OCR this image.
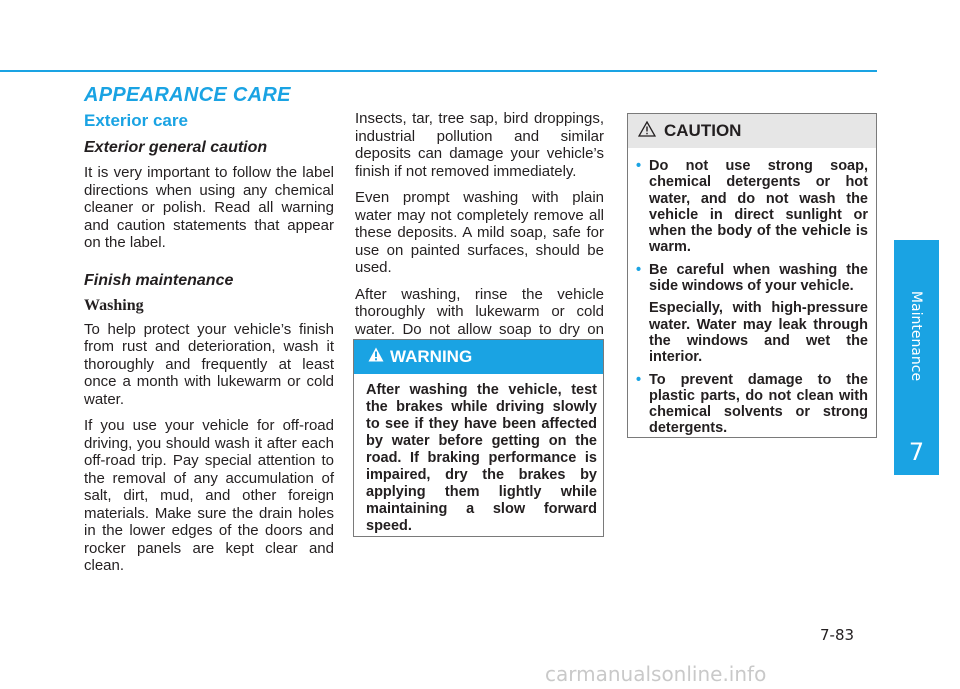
APPEARANCE CARE
Exterior care
Exterior general caution

It is very important to follow the label directions when using any chemical cleaner or polish. Read all warning and caution statements that appear on the label.

Finish maintenance
Washing

To help protect your vehicle’s finish from rust and deterioration, wash it thoroughly and frequently at least once a month with lukewarm or cold water.

If you use your vehicle for off-road driving, you should wash it after each off-road trip. Pay special attention to the removal of any accumulation of salt, dirt, mud, and other foreign materials. Make sure the drain holes in the lower edges of the doors and rocker panels are kept clear and clean.

Insects, tar, tree sap, bird droppings, industrial pollution and similar deposits can damage your vehicle’s finish if not removed immediately.

Even prompt washing with plain water may not completely remove all these deposits. A mild soap, safe for use on painted surfaces, should be used.

After washing, rinse the vehicle thoroughly with lukewarm or cold water. Do not allow soap to dry on

WARNING
After washing the vehicle, test the brakes while driving slowly to see if they have been affected by water before getting on the road. If braking performance is impaired, dry the brakes by applying them lightly while maintaining a slow forward speed.
CAUTION
• Do not use strong soap, chemical detergents or hot water, and do not wash the vehicle in direct sunlight or when the body of the vehicle is warm.
• Be careful when washing the side windows of your vehicle.
Especially, with high-pressure water. Water may leak through the windows and wet the interior.
• To prevent damage to the plastic parts, do not clean with chemical solvents or strong detergents.
Maintenance
7
7-83
carmanualsonline.info
